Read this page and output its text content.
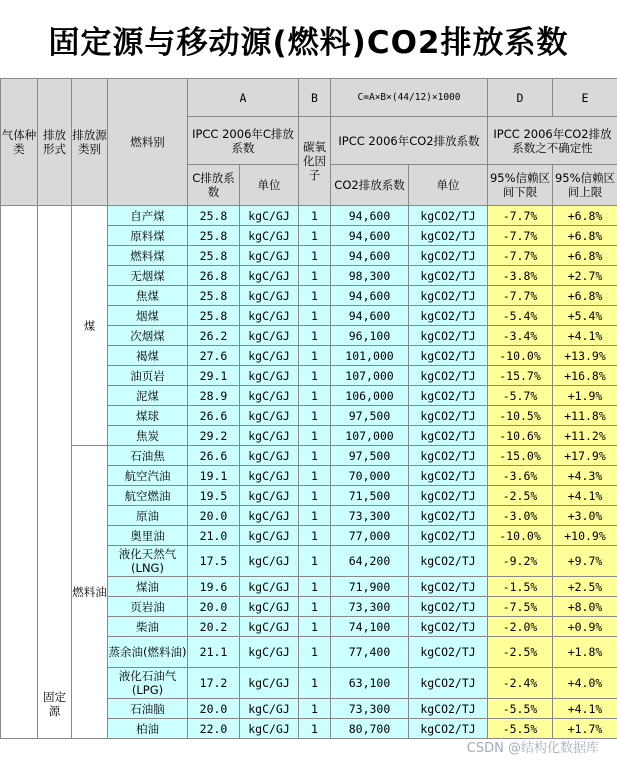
固定源与移动源(燃料)CO2排放系数
气体种类	排放形式	排放源类别	燃料别	A		B	C=A×B×(44/12)×1000		D	E
				IPCC 2006年C排放系数		碳氧化因子	IPCC 2006年CO2排放系数		IPCC 2006年CO2排放系数之不确定性	
				C排放系数	单位		CO2排放系数	单位	95%信赖区间下限	95%信赖区间上限
	固定源	煤	自产煤	25.8	kgC/GJ	1	94,600	kgCO2/TJ	-7.7%	+6.8%
			原料煤	25.8	kgC/GJ	1	94,600	kgCO2/TJ	-7.7%	+6.8%
			燃料煤	25.8	kgC/GJ	1	94,600	kgCO2/TJ	-7.7%	+6.8%
			无烟煤	26.8	kgC/GJ	1	98,300	kgCO2/TJ	-3.8%	+2.7%
			焦煤	25.8	kgC/GJ	1	94,600	kgCO2/TJ	-7.7%	+6.8%
			烟煤	25.8	kgC/GJ	1	94,600	kgCO2/TJ	-5.4%	+5.4%
			次烟煤	26.2	kgC/GJ	1	96,100	kgCO2/TJ	-3.4%	+4.1%
			褐煤	27.6	kgC/GJ	1	101,000	kgCO2/TJ	-10.0%	+13.9%
			油页岩	29.1	kgC/GJ	1	107,000	kgCO2/TJ	-15.7%	+16.8%
			泥煤	28.9	kgC/GJ	1	106,000	kgCO2/TJ	-5.7%	+1.9%
			煤球	26.6	kgC/GJ	1	97,500	kgCO2/TJ	-10.5%	+11.8%
			焦炭	29.2	kgC/GJ	1	107,000	kgCO2/TJ	-10.6%	+11.2%
		燃料油	石油焦	26.6	kgC/GJ	1	97,500	kgCO2/TJ	-15.0%	+17.9%
			航空汽油	19.1	kgC/GJ	1	70,000	kgCO2/TJ	-3.6%	+4.3%
			航空燃油	19.5	kgC/GJ	1	71,500	kgCO2/TJ	-2.5%	+4.1%
			原油	20.0	kgC/GJ	1	73,300	kgCO2/TJ	-3.0%	+3.0%
			奥里油	21.0	kgC/GJ	1	77,000	kgCO2/TJ	-10.0%	+10.9%
			液化天然气(LNG)	17.5	kgC/GJ	1	64,200	kgCO2/TJ	-9.2%	+9.7%
			煤油	19.6	kgC/GJ	1	71,900	kgCO2/TJ	-1.5%	+2.5%
			页岩油	20.0	kgC/GJ	1	73,300	kgCO2/TJ	-7.5%	+8.0%
			柴油	20.2	kgC/GJ	1	74,100	kgCO2/TJ	-2.0%	+0.9%
			蒸余油(燃料油)	21.1	kgC/GJ	1	77,400	kgCO2/TJ	-2.5%	+1.8%
			液化石油气(LPG)	17.2	kgC/GJ	1	63,100	kgCO2/TJ	-2.4%	+4.0%
			石油脑	20.0	kgC/GJ	1	73,300	kgCO2/TJ	-5.5%	+4.1%
			柏油	22.0	kgC/GJ	1	80,700	kgCO2/TJ	-5.5%	+1.7%
CSDN @结构化数据库
